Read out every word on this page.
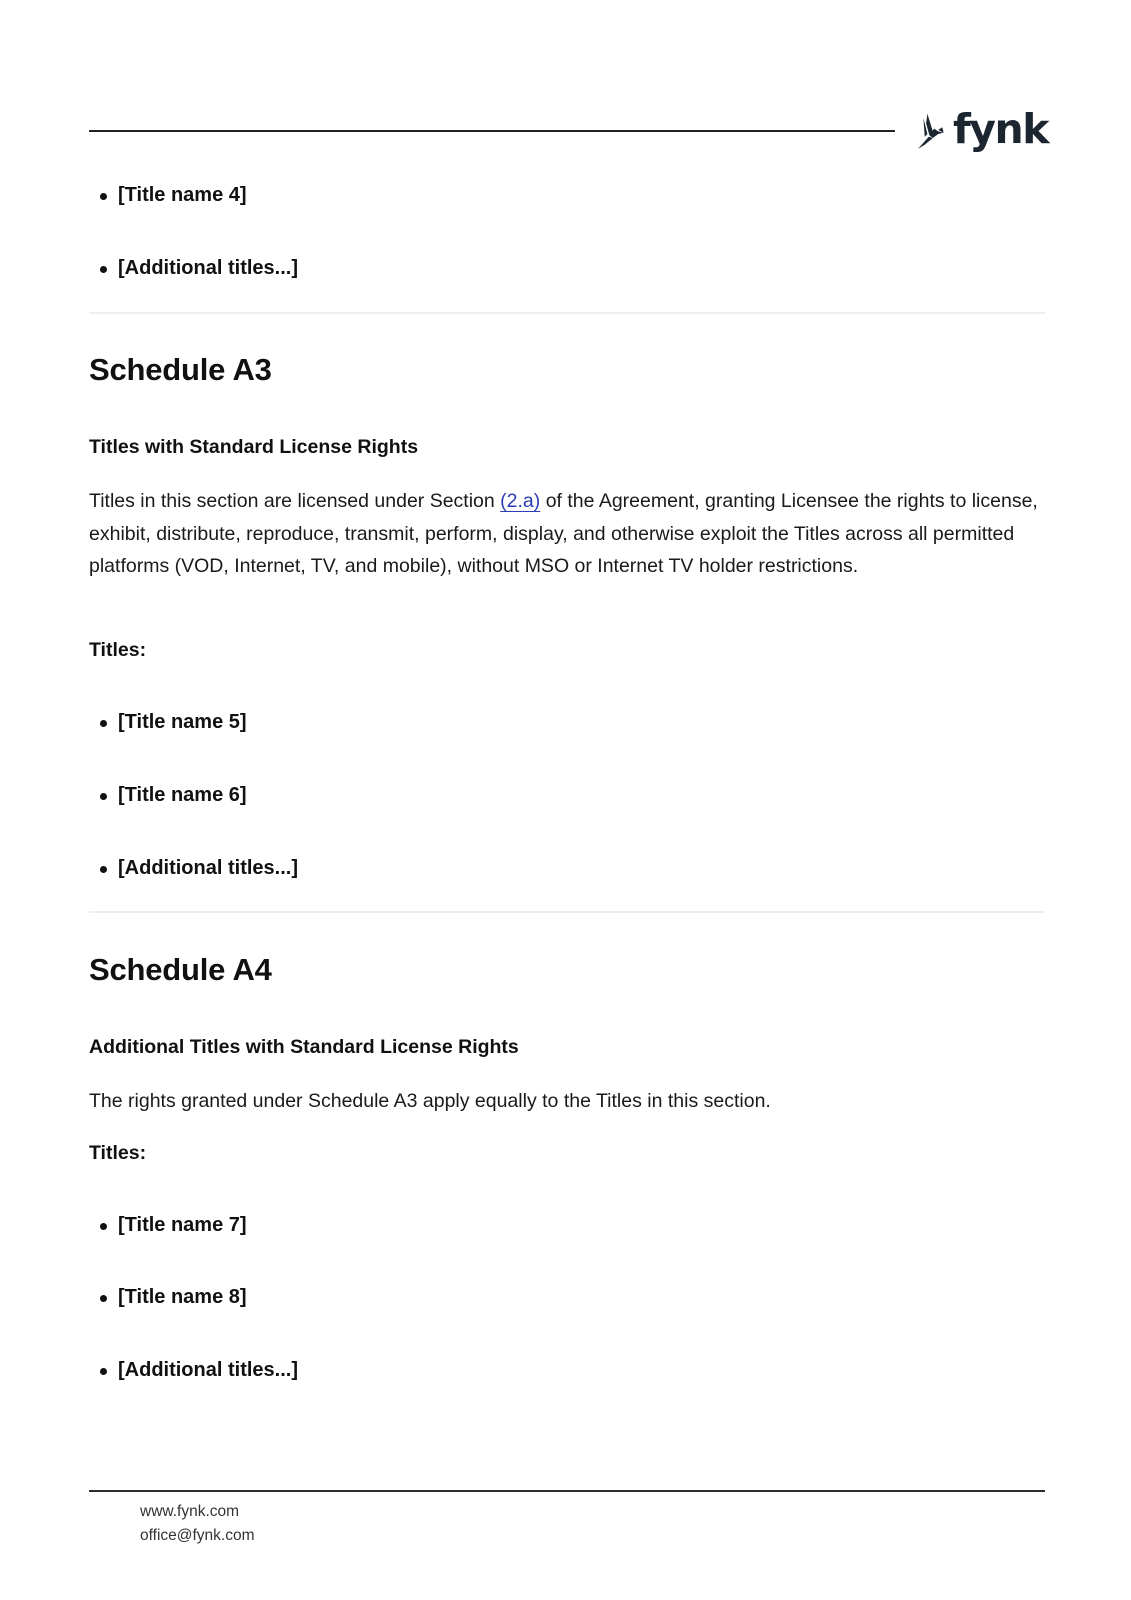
fynk
[Title name 4]
[Additional titles...]
Schedule A3
Titles with Standard License Rights
Titles in this section are licensed under Section (2.a) of the Agreement, granting Licensee the rights to license, exhibit, distribute, reproduce, transmit, perform, display, and otherwise exploit the Titles across all permitted platforms (VOD, Internet, TV, and mobile), without MSO or Internet TV holder restrictions.
Titles:
[Title name 5]
[Title name 6]
[Additional titles...]
Schedule A4
Additional Titles with Standard License Rights
The rights granted under Schedule A3 apply equally to the Titles in this section.
Titles:
[Title name 7]
[Title name 8]
[Additional titles...]
www.fynk.com
office@fynk.com
